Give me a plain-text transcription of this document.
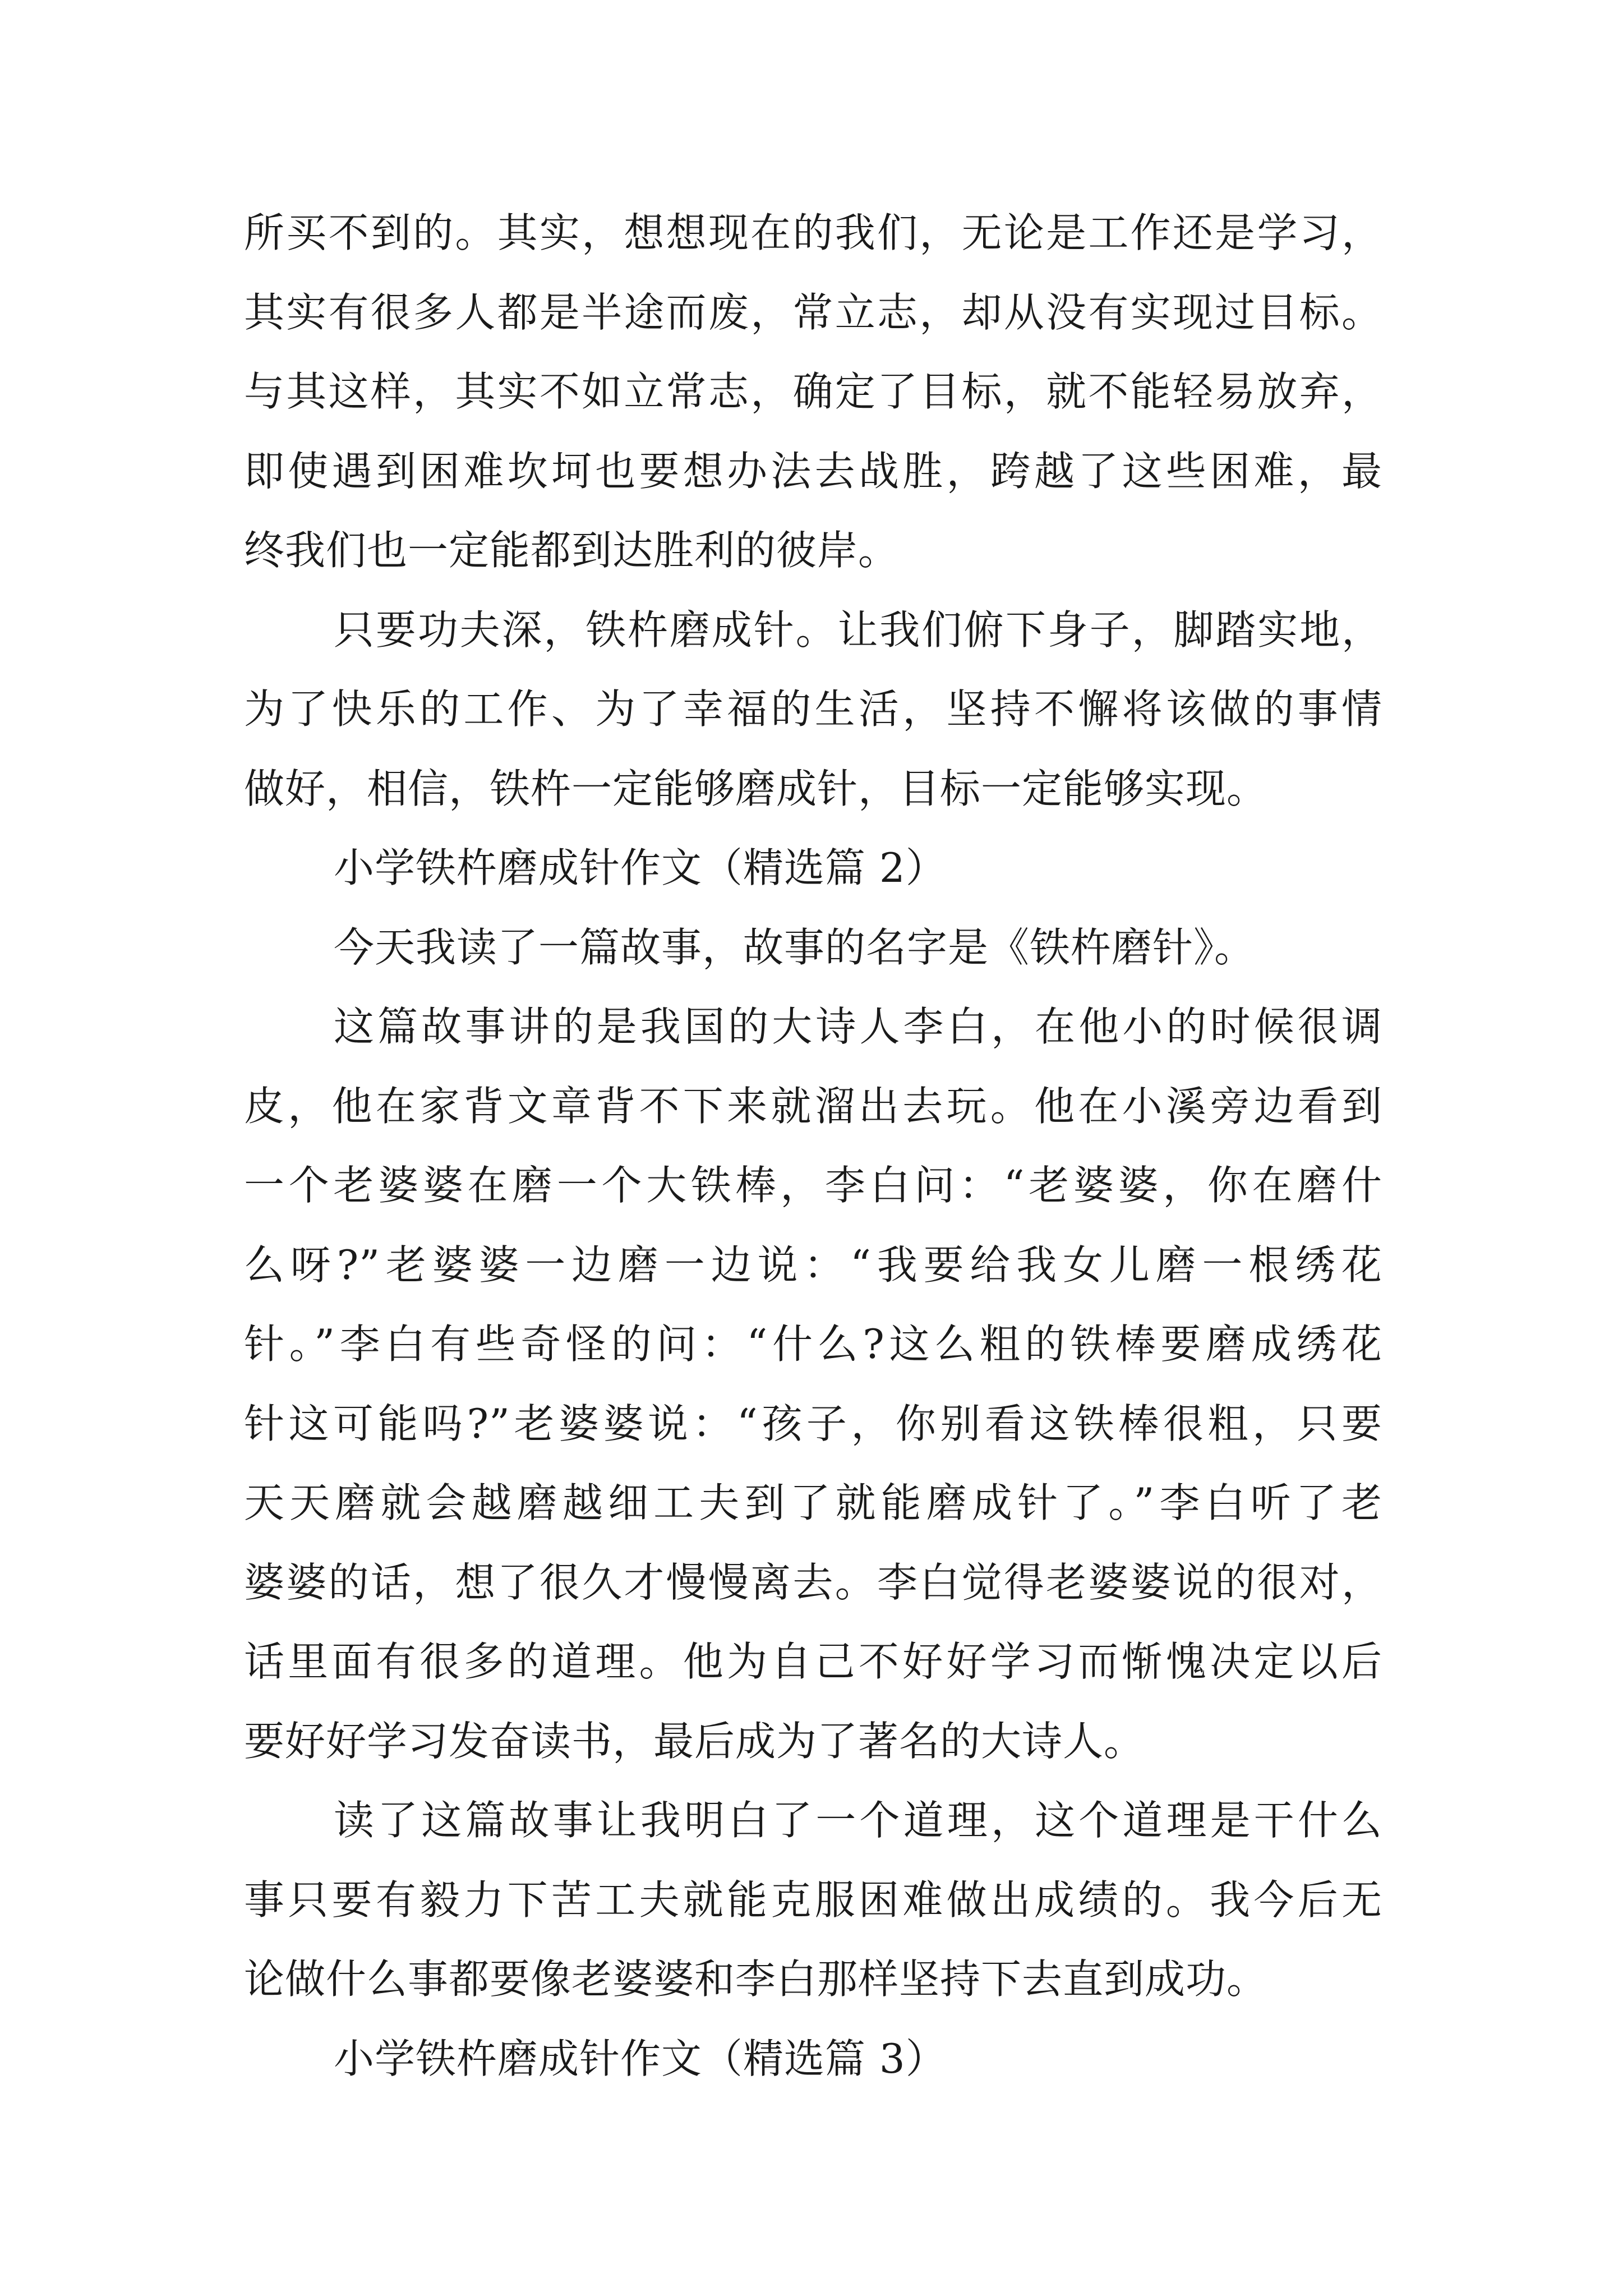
所买不到的。其实，想想现在的我们，无论是工作还是学习，
其实有很多人都是半途而废，常立志，却从没有实现过目标。
与其这样，其实不如立常志，确定了目标，就不能轻易放弃，
即使遇到困难坎坷也要想办法去战胜，跨越了这些困难，最
终我们也一定能都到达胜利的彼岸。
只要功夫深，铁杵磨成针。让我们俯下身子，脚踏实地，
为了快乐的工作、为了幸福的生活，坚持不懈将该做的事情
做好，相信，铁杵一定能够磨成针，目标一定能够实现。
小学铁杵磨成针作文（精选篇 2）
今天我读了一篇故事，故事的名字是《铁杵磨针》。
这篇故事讲的是我国的大诗人李白，在他小的时候很调
皮，他在家背文章背不下来就溜出去玩。他在小溪旁边看到
一个老婆婆在磨一个大铁棒，李白问：“老婆婆，你在磨什
么呀?”老婆婆一边磨一边说：“我要给我女儿磨一根绣花
针。”李白有些奇怪的问：“什么?这么粗的铁棒要磨成绣花
针这可能吗?”老婆婆说：“孩子，你别看这铁棒很粗，只要
天天磨就会越磨越细工夫到了就能磨成针了。”李白听了老
婆婆的话，想了很久才慢慢离去。李白觉得老婆婆说的很对，
话里面有很多的道理。他为自己不好好学习而惭愧决定以后
要好好学习发奋读书，最后成为了著名的大诗人。
读了这篇故事让我明白了一个道理，这个道理是干什么
事只要有毅力下苦工夫就能克服困难做出成绩的。我今后无
论做什么事都要像老婆婆和李白那样坚持下去直到成功。
小学铁杵磨成针作文（精选篇 3）
